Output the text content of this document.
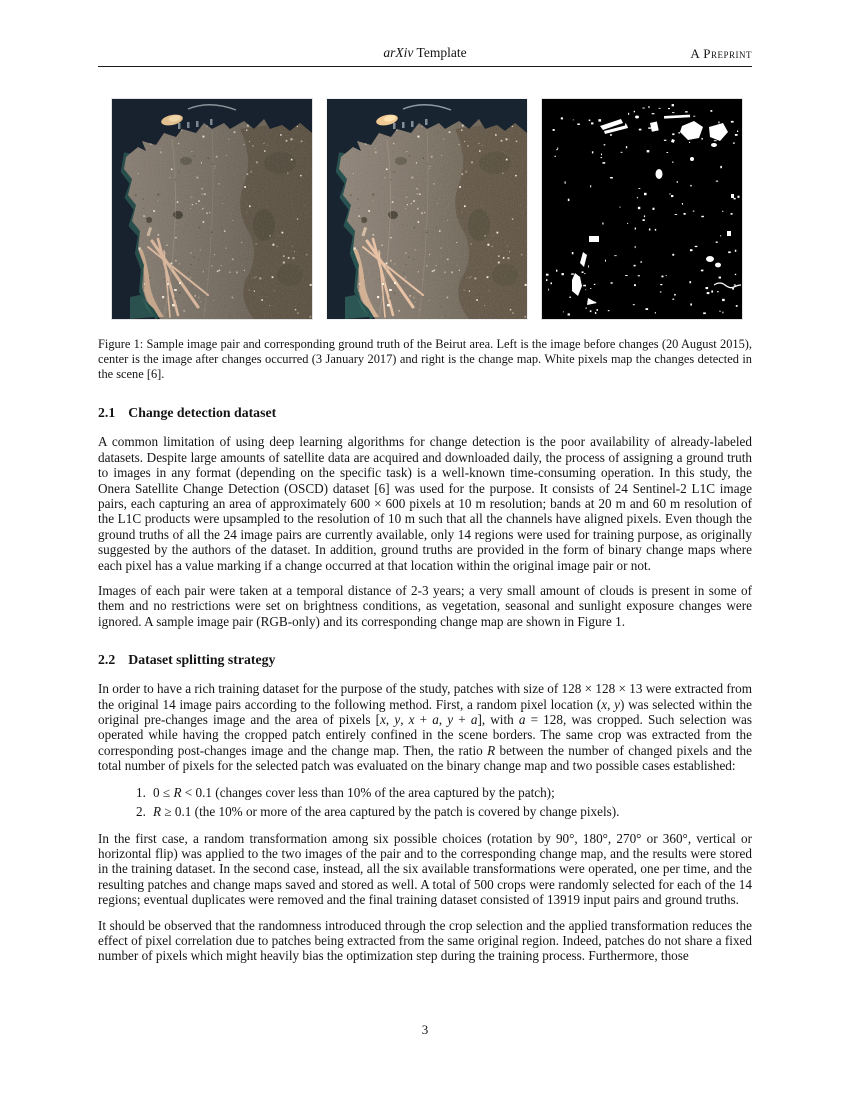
arXiv Template	A Preprint
Figure 1: Sample image pair and corresponding ground truth of the Beirut area. Left is the image before changes (20 August 2015), center is the image after changes occurred (3 January 2017) and right is the change map. White pixels map the changes detected in the scene [6].
2.1 Change detection dataset

A common limitation of using deep learning algorithms for change detection is the poor availability of already-labeled datasets. Despite large amounts of satellite data are acquired and downloaded daily, the process of assigning a ground truth to images in any format (depending on the specific task) is a well-known time-consuming operation. In this study, the Onera Satellite Change Detection (OSCD) dataset [6] was used for the purpose. It consists of 24 Sentinel-2 L1C image pairs, each capturing an area of approximately 600 × 600 pixels at 10 m resolution; bands at 20 m and 60 m resolution of the L1C products were upsampled to the resolution of 10 m such that all the channels have aligned pixels. Even though the ground truths of all the 24 image pairs are currently available, only 14 regions were used for training purpose, as originally suggested by the authors of the dataset. In addition, ground truths are provided in the form of binary change maps where each pixel has a value marking if a change occurred at that location within the original image pair or not.

Images of each pair were taken at a temporal distance of 2-3 years; a very small amount of clouds is present in some of them and no restrictions were set on brightness conditions, as vegetation, seasonal and sunlight exposure changes were ignored. A sample image pair (RGB-only) and its corresponding change map are shown in Figure 1.

2.2 Dataset splitting strategy

In order to have a rich training dataset for the purpose of the study, patches with size of 128 × 128 × 13 were extracted from the original 14 image pairs according to the following method. First, a random pixel location (x, y) was selected within the original pre-changes image and the area of pixels [x, y, x + a, y + a], with a = 128, was cropped. Such selection was operated while having the cropped patch entirely confined in the scene borders. The same crop was extracted from the corresponding post-changes image and the change map. Then, the ratio R between the number of changed pixels and the total number of pixels for the selected patch was evaluated on the binary change map and two possible cases established:

1. 0 ≤ R < 0.1 (changes cover less than 10% of the area captured by the patch);
2. R ≥ 0.1 (the 10% or more of the area captured by the patch is covered by change pixels).

In the first case, a random transformation among six possible choices (rotation by 90°, 180°, 270° or 360°, vertical or horizontal flip) was applied to the two images of the pair and to the corresponding change map, and the results were stored in the training dataset. In the second case, instead, all the six available transformations were operated, one per time, and the resulting patches and change maps saved and stored as well. A total of 500 crops were randomly selected for each of the 14 regions; eventual duplicates were removed and the final training dataset consisted of 13919 input pairs and ground truths.

It should be observed that the randomness introduced through the crop selection and the applied transformation reduces the effect of pixel correlation due to patches being extracted from the same original region. Indeed, patches do not share a fixed number of pixels which might heavily bias the optimization step during the training process. Furthermore, those

3
